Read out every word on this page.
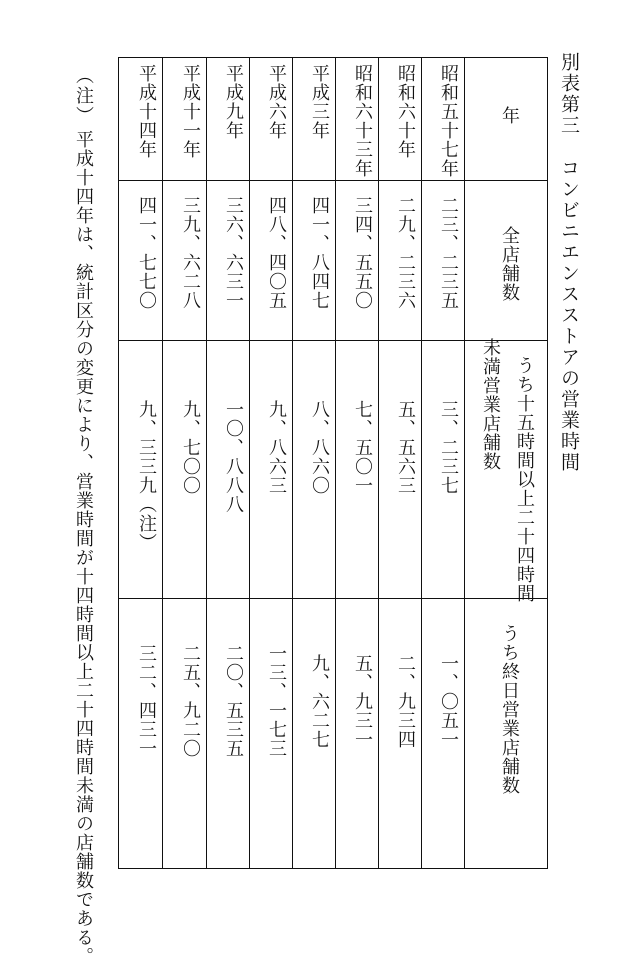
別表第三コンビニエンスストアの営業時間
年
全店舗数
うち十五時間以上二十四時間
未満営業店舗数
うち終日営業店舗数
昭和五十七年
二三、二三五
三、二三七
一、〇五一
昭和六十年
二九、二三六
五、五六三
二、九三四
昭和六十三年
三四、五五〇
七、五〇一
五、九三一
平成三年
四一、八四七
八、八六〇
九、六二七
平成六年
四八、四〇五
九、八六三
一三、一七三
平成九年
三六、六三一
一〇、八八八
二〇、五三五
平成十一年
三九、六二八
九、七〇〇
二五、九二〇
平成十四年
四一、七七〇
九、三三九（注）
三二、四三一
（注）
平成十四年は、統計区分の変更により、営業時間が十四時間以上二十四時間未満の店舗数である。
